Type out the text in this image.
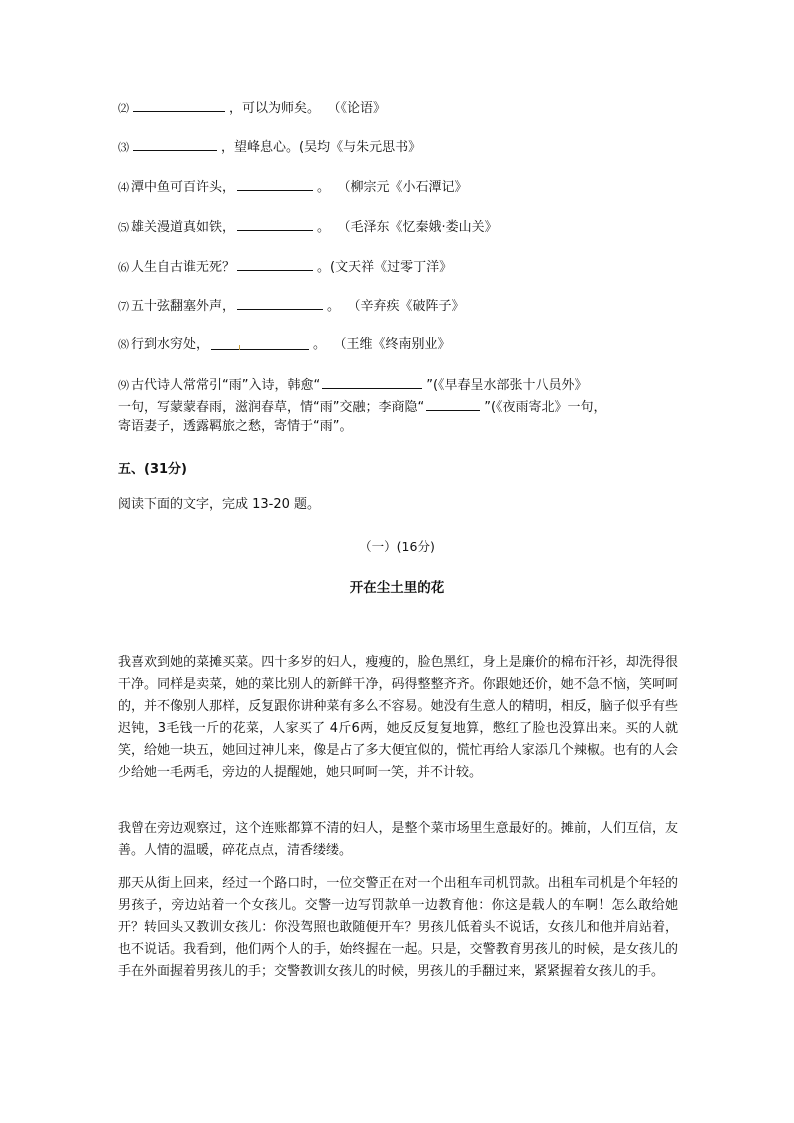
⑵	，可以为师矣。 （《论语》
⑶	，望峰息心。(吴均《与朱元思书》
⑷ 潭中鱼可百许头，	。 （柳宗元《小石潭记》
⑸ 雄关漫道真如铁，	。 （毛泽东《忆秦娥·娄山关》
⑹ 人生自古谁无死？	。(文天祥《过零丁洋》
⑺ 五十弦翻塞外声，	。 （辛弃疾《破阵子》
⑻ 行到水穷处，	。 （王维《终南别业》
⑼ 古代诗人常常引“雨”入诗，韩愈“	”(《早春呈水部张十八员外》
一句，写蒙蒙春雨，滋润春草，情“雨”交融；李商隐“	”(《夜雨寄北》一句，
寄语妻子，透露羁旅之愁，寄情于“雨”。
五、(31分)
阅读下面的文字，完成 13-20 题。
（一）(16分)
开在尘土里的花
我喜欢到她的菜摊买菜。四十多岁的妇人，瘦瘦的，脸色黑红，身上是廉价的棉布汗衫，却洗得很干净。同样是卖菜，她的菜比别人的新鲜干净，码得整整齐齐。你跟她还价，她不急不恼，笑呵呵的，并不像别人那样，反复跟你讲种菜有多么不容易。她没有生意人的精明，相反，脑子似乎有些迟钝，3毛钱一斤的花菜，人家买了 4斤6两，她反反复复地算，憋红了脸也没算出来。买的人就笑，给她一块五，她回过神儿来，像是占了多大便宜似的，慌忙再给人家添几个辣椒。也有的人会少给她一毛两毛，旁边的人提醒她，她只呵呵一笑，并不计较。
我曾在旁边观察过，这个连账都算不清的妇人，是整个菜市场里生意最好的。摊前，人们互信，友善。人情的温暖，碎花点点，清香缕缕。
那天从街上回来，经过一个路口时，一位交警正在对一个出租车司机罚款。出租车司机是个年轻的男孩子，旁边站着一个女孩儿。交警一边写罚款单一边教育他：你这是载人的车啊！怎么敢给她开？转回头又教训女孩儿：你没驾照也敢随便开车？男孩儿低着头不说话，女孩儿和他并肩站着，也不说话。我看到，他们两个人的手，始终握在一起。只是，交警教育男孩儿的时候，是女孩儿的手在外面握着男孩儿的手；交警教训女孩儿的时候，男孩儿的手翻过来，紧紧握着女孩儿的手。
